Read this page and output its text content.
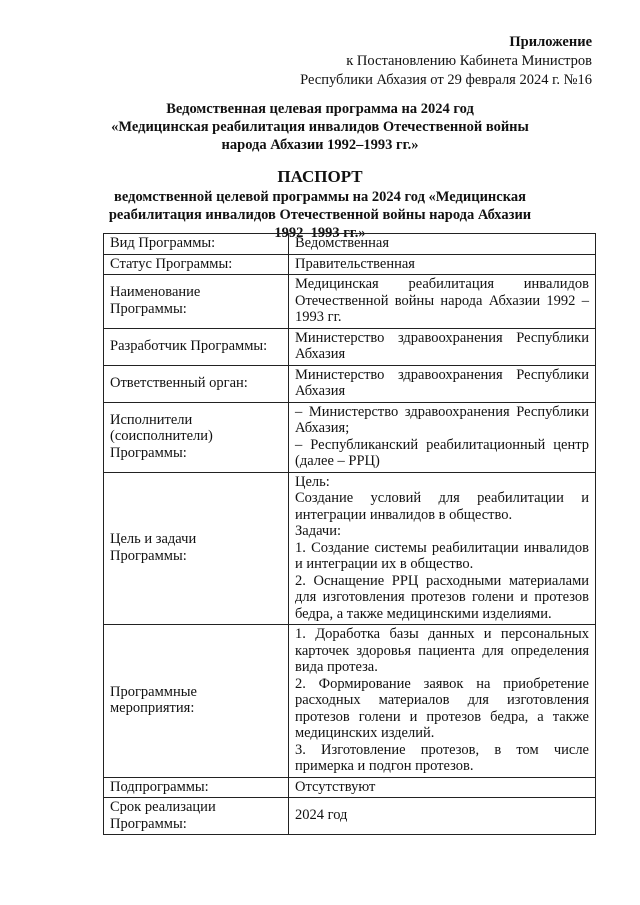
Приложение
к Постановлению Кабинета Министров
Республики Абхазия от 29 февраля 2024 г. №16
Ведомственная целевая программа на 2024 год
«Медицинская реабилитация инвалидов Отечественной войны
народа Абхазии 1992–1993 гг.»
ПАСПОРТ
ведомственной целевой программы на 2024 год «Медицинская
реабилитация инвалидов Отечественной войны народа Абхазии
1992–1993 гг.»
Вид Программы:	Ведомственная
Статус Программы:	Правительственная

Наименование
Программы:	Медицинская реабилитация инвалидов Отечественной войны народа Абхазии 1992 – 1993 гг.
Разработчик Программы:	Министерство здравоохранения Республики Абхазия
Ответственный орган:	Министерство здравоохранения Республики Абхазия

Исполнители
(соисполнители)
Программы:	– Министерство здравоохранения Республики Абхазия;
– Республиканский реабилитационный центр (далее – РРЦ)

Цель и задачи
Программы:	Цель:
Создание условий для реабилитации и интеграции инвалидов в общество.
Задачи:
1. Создание системы реабилитации инвалидов и интеграции их в общество.
2. Оснащение РРЦ расходными материалами для изготовления протезов голени и протезов бедра, а также медицинскими изделиями.

Программные
мероприятия:	1. Доработка базы данных и персональных карточек здоровья пациента для определения вида протеза.
2. Формирование заявок на приобретение расходных материалов для изготовления протезов голени и протезов бедра, а также медицинских изделий.
3. Изготовление протезов, в том числе примерка и подгон протезов.

Подпрограммы:	Отсутствуют

Срок реализации
Программы:	2024 год
